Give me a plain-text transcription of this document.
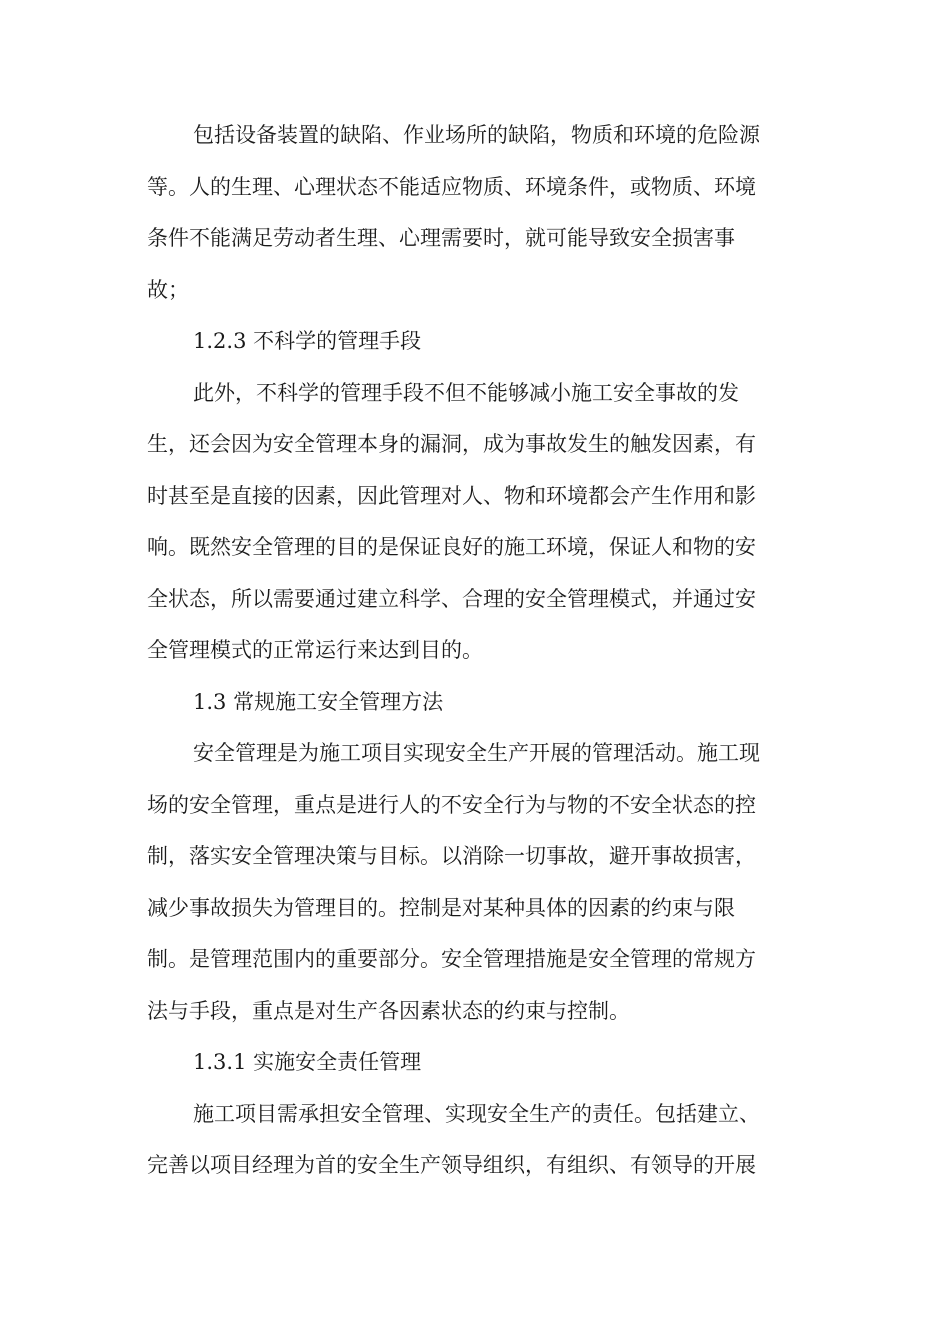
包括设备装置的缺陷、作业场所的缺陷，物质和环境的危险源
等。人的生理、心理状态不能适应物质、环境条件，或物质、环境
条件不能满足劳动者生理、心理需要时，就可能导致安全损害事
故；
1.2.3 不科学的管理手段
此外，不科学的管理手段不但不能够减小施工安全事故的发
生，还会因为安全管理本身的漏洞，成为事故发生的触发因素，有
时甚至是直接的因素，因此管理对人、物和环境都会产生作用和影
响。既然安全管理的目的是保证良好的施工环境，保证人和物的安
全状态，所以需要通过建立科学、合理的安全管理模式，并通过安
全管理模式的正常运行来达到目的。
1.3 常规施工安全管理方法
安全管理是为施工项目实现安全生产开展的管理活动。施工现
场的安全管理，重点是进行人的不安全行为与物的不安全状态的控
制，落实安全管理决策与目标。以消除一切事故，避开事故损害，
减少事故损失为管理目的。控制是对某种具体的因素的约束与限
制。是管理范围内的重要部分。安全管理措施是安全管理的常规方
法与手段，重点是对生产各因素状态的约束与控制。
1.3.1 实施安全责任管理
施工项目需承担安全管理、实现安全生产的责任。包括建立、
完善以项目经理为首的安全生产领导组织，有组织、有领导的开展
